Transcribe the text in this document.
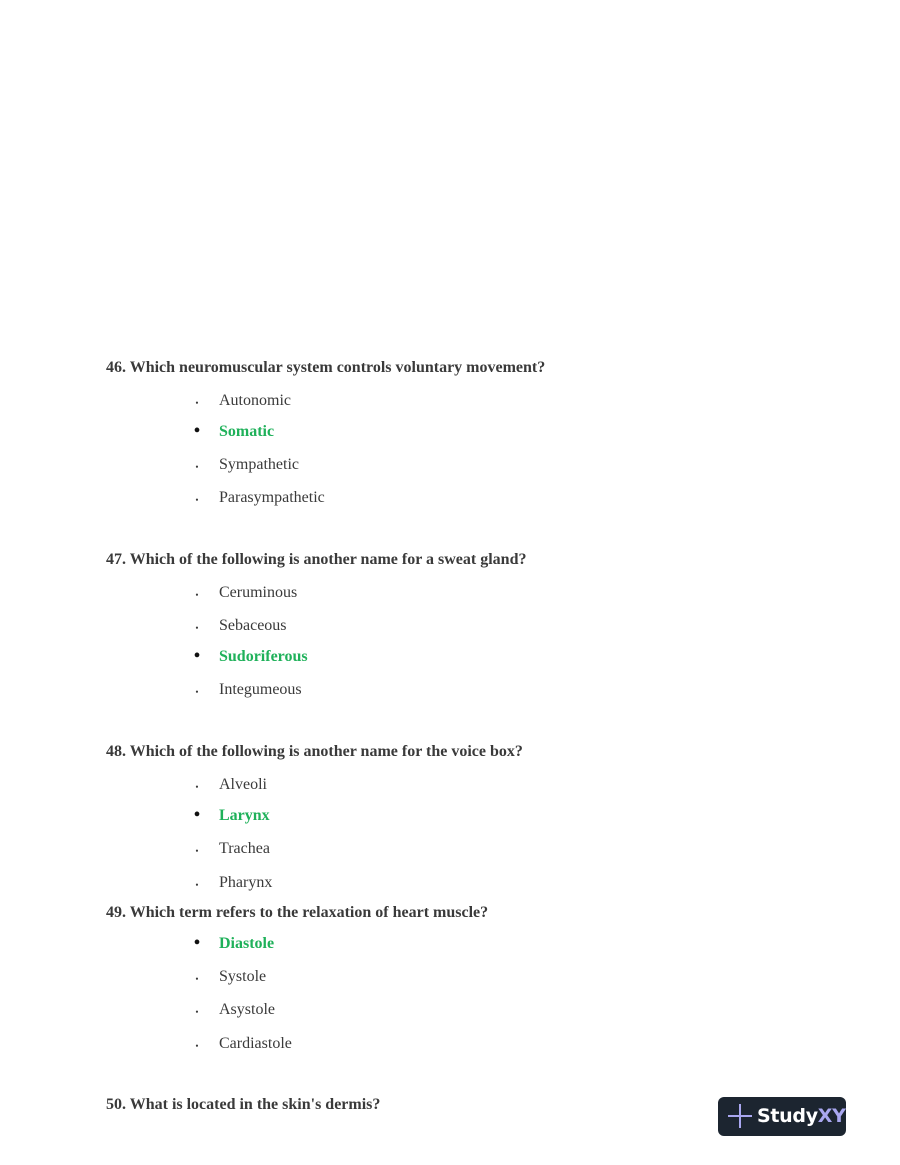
46. Which neuromuscular system controls voluntary movement?
•	Autonomic
• Somatic
•	Sympathetic
•	Parasympathetic
47. Which of the following is another name for a sweat gland?
•	Ceruminous
•	Sebaceous
• Sudoriferous
•	Integumeous
48. Which of the following is another name for the voice box?
•	Alveoli
• Larynx
•	Trachea
•	Pharynx
49. Which term refers to the relaxation of heart muscle?
• Diastole
•	Systole
•	Asystole
•	Cardiastole
50. What is located in the skin's dermis?
StudyXY
